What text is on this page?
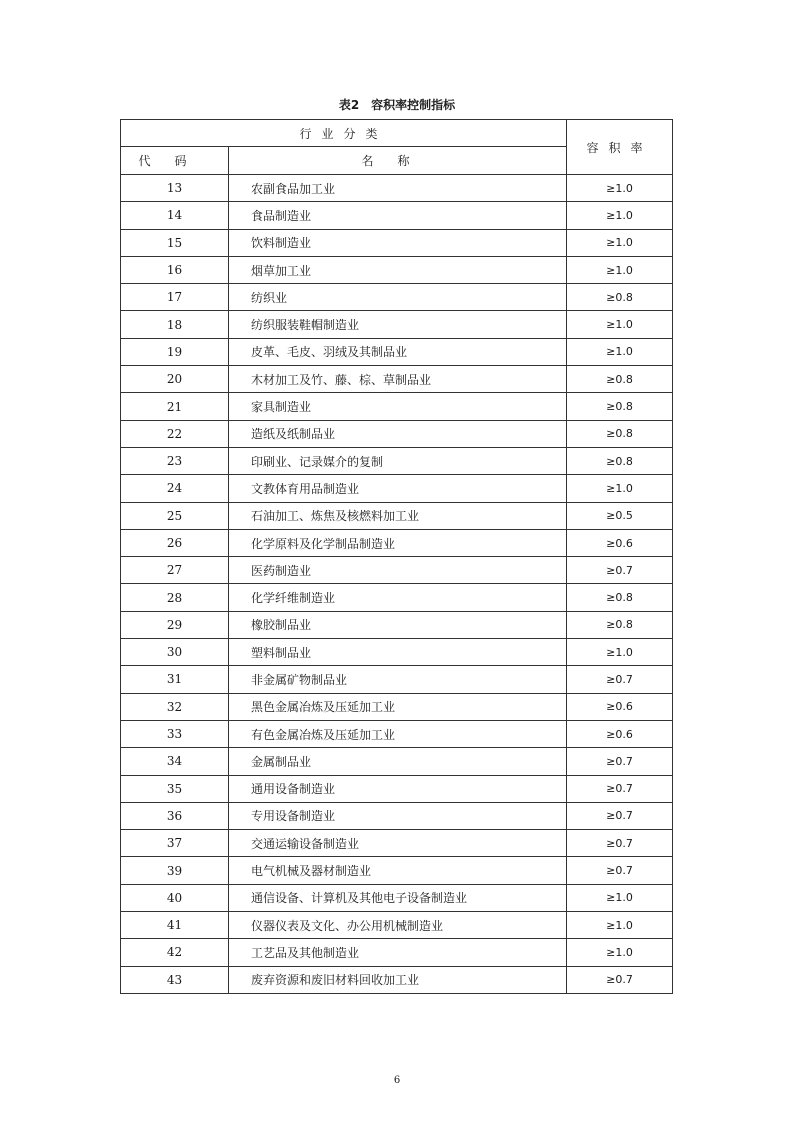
表2　容积率控制指标
行业分类		容积率
代码	名称	
13	农副食品加工业	≥1.0
14	食品制造业	≥1.0
15	饮料制造业	≥1.0
16	烟草加工业	≥1.0
17	纺织业	≥0.8
18	纺织服装鞋帽制造业	≥1.0
19	皮革、毛皮、羽绒及其制品业	≥1.0
20	木材加工及竹、藤、棕、草制品业	≥0.8
21	家具制造业	≥0.8
22	造纸及纸制品业	≥0.8
23	印刷业、记录媒介的复制	≥0.8
24	文教体育用品制造业	≥1.0
25	石油加工、炼焦及核燃料加工业	≥0.5
26	化学原料及化学制品制造业	≥0.6
27	医药制造业	≥0.7
28	化学纤维制造业	≥0.8
29	橡胶制品业	≥0.8
30	塑料制品业	≥1.0
31	非金属矿物制品业	≥0.7
32	黑色金属冶炼及压延加工业	≥0.6
33	有色金属冶炼及压延加工业	≥0.6
34	金属制品业	≥0.7
35	通用设备制造业	≥0.7
36	专用设备制造业	≥0.7
37	交通运输设备制造业	≥0.7
39	电气机械及器材制造业	≥0.7
40	通信设备、计算机及其他电子设备制造业	≥1.0
41	仪器仪表及文化、办公用机械制造业	≥1.0
42	工艺品及其他制造业	≥1.0
43	废弃资源和废旧材料回收加工业	≥0.7
6
